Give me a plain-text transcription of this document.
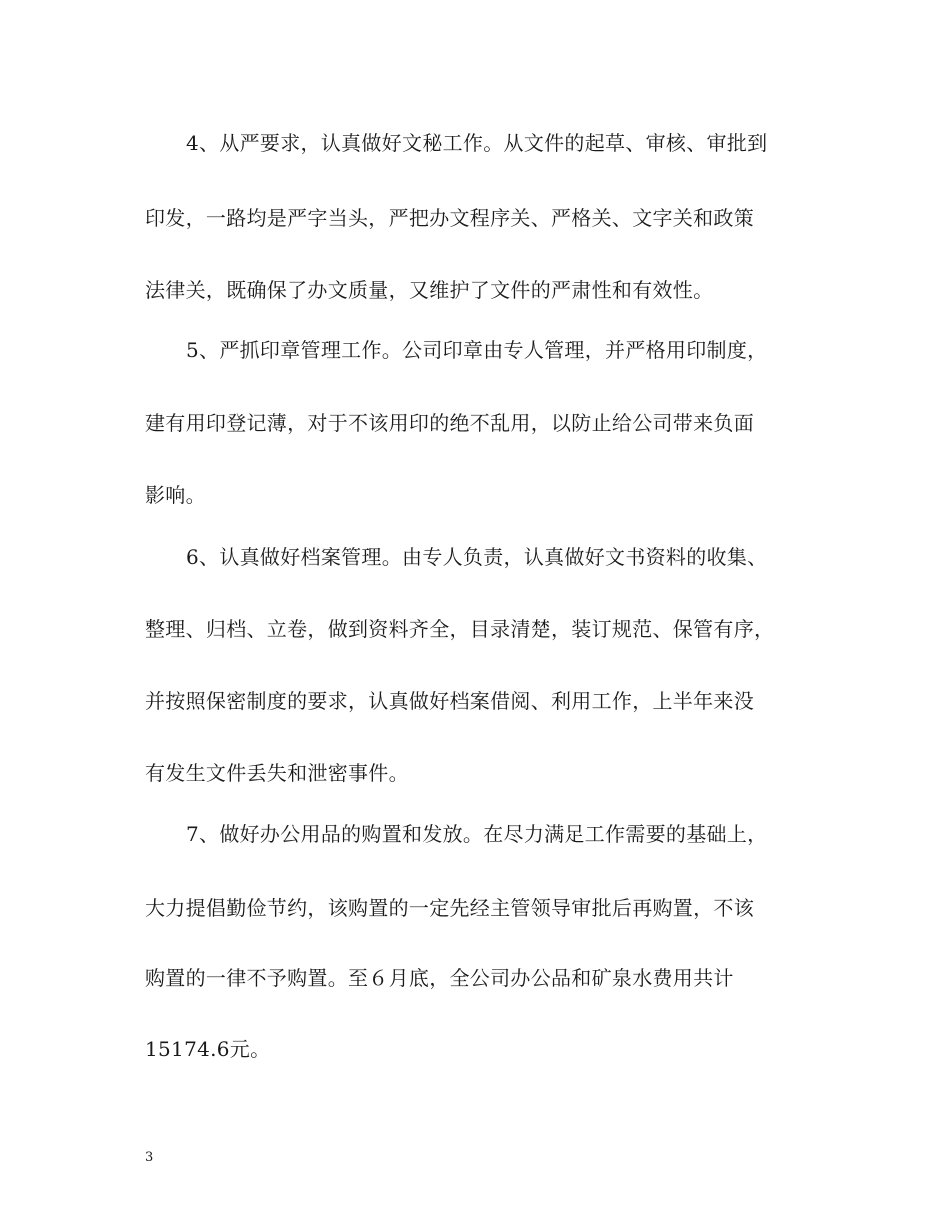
4、从严要求，认真做好文秘工作。从文件的起草、审核、审批到
印发，一路均是严字当头，严把办文程序关、严格关、文字关和政策
法律关，既确保了办文质量，又维护了文件的严肃性和有效性。
5、严抓印章管理工作。公司印章由专人管理，并严格用印制度，
建有用印登记薄，对于不该用印的绝不乱用，以防止给公司带来负面
影响。
6、认真做好档案管理。由专人负责，认真做好文书资料的收集、
整理、归档、立卷，做到资料齐全，目录清楚，装订规范、保管有序，
并按照保密制度的要求，认真做好档案借阅、利用工作，上半年来没
有发生文件丢失和泄密事件。
7、做好办公用品的购置和发放。在尽力满足工作需要的基础上，
大力提倡勤俭节约，该购置的一定先经主管领导审批后再购置，不该
购置的一律不予购置。至６月底，全公司办公品和矿泉水费用共计
15174.6元。
3
